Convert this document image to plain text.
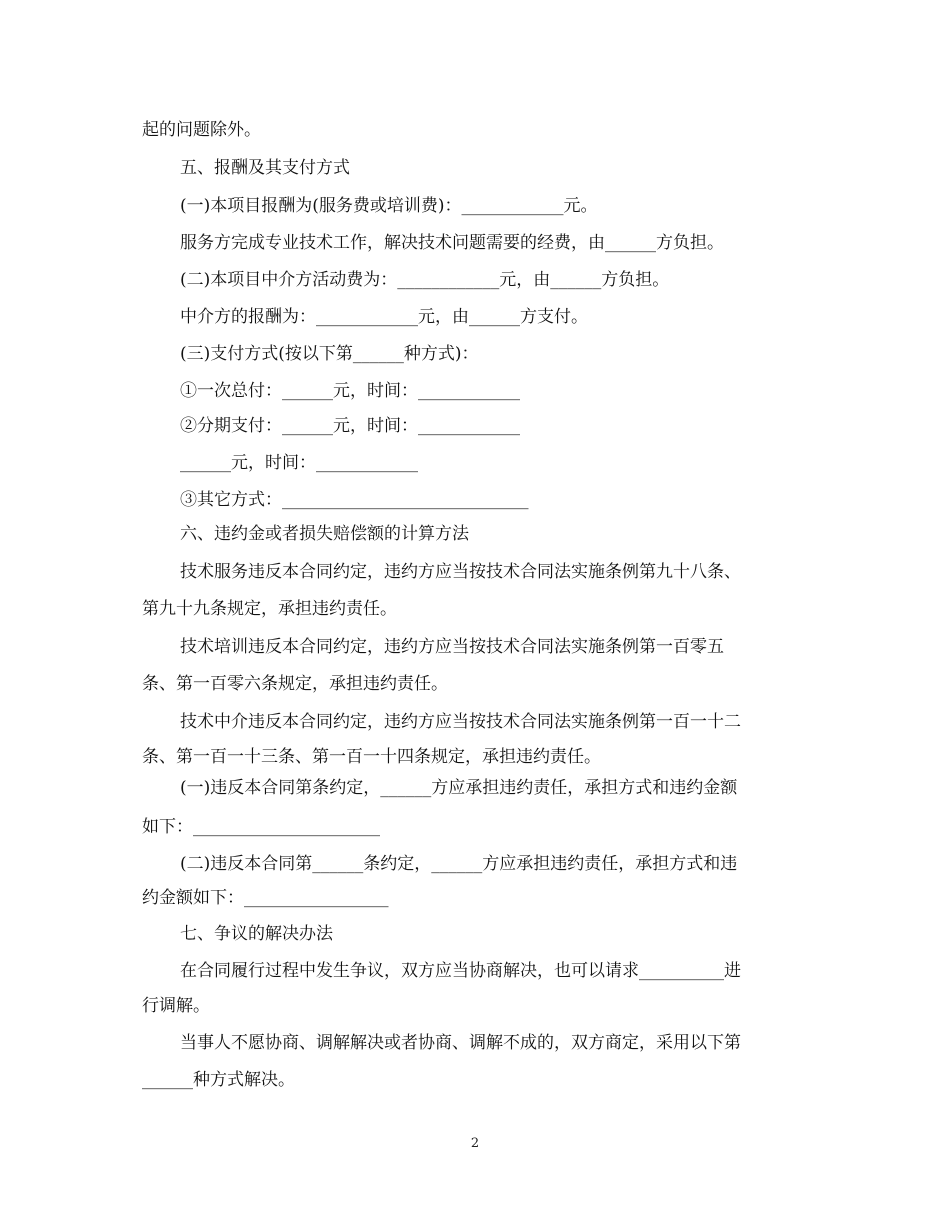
起的问题除外。
五、报酬及其支付方式
(一)本项目报酬为(服务费或培训费)：____________元。
服务方完成专业技术工作，解决技术问题需要的经费，由______方负担。
(二)本项目中介方活动费为：____________元，由______方负担。
中介方的报酬为：____________元，由______方支付。
(三)支付方式(按以下第______种方式)：
①一次总付：______元，时间：____________
②分期支付：______元，时间：____________
______元，时间：____________
③其它方式：_____________________________
六、违约金或者损失赔偿额的计算方法
技术服务违反本合同约定，违约方应当按技术合同法实施条例第九十八条、
第九十九条规定，承担违约责任。
技术培训违反本合同约定，违约方应当按技术合同法实施条例第一百零五
条、第一百零六条规定，承担违约责任。
技术中介违反本合同约定，违约方应当按技术合同法实施条例第一百一十二
条、第一百一十三条、第一百一十四条规定，承担违约责任。
(一)违反本合同第条约定，______方应承担违约责任，承担方式和违约金额
如下：______________________
(二)违反本合同第______条约定，______方应承担违约责任，承担方式和违
约金额如下：_________________
七、争议的解决办法
在合同履行过程中发生争议，双方应当协商解决，也可以请求__________进
行调解。
当事人不愿协商、调解解决或者协商、调解不成的，双方商定，采用以下第
______种方式解决。
2
